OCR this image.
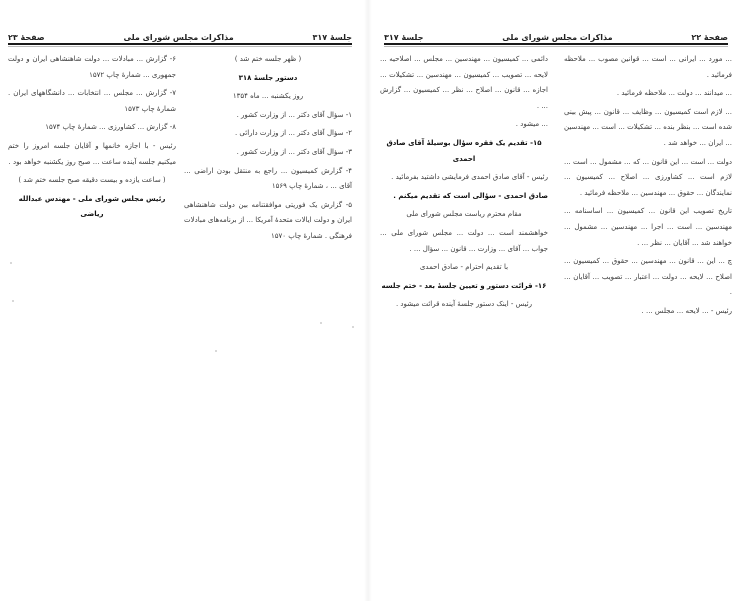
جلسهٔ ۳۱۷
مذاکرات مجلس شورای ملی
صفحهٔ ۲۳

( ظهر جلسه ختم شد )

دستور جلسهٔ ۳۱۸

روز یکشنبه ... ماه ۱۳۵۴

۱- سؤال آقای دکتر ... از وزارت کشور .

۲- سؤال آقای دکتر ... از وزارت دارائی .

۳- سؤال آقای دکتر ... از وزارت کشور .

۴- گزارش کمیسیون ... راجع به منتقل بودن اراضی ... آقای ... ، شمارهٔ چاپ ۱۵۶۹

۵- گزارش یک فوریتی موافقتنامه بین دولت شاهنشاهی ایران و دولت ایالات متحدهٔ آمریکا ... از برنامه‌های مبادلات فرهنگی . شمارهٔ چاپ ۱۵۷۰

۶- گزارش ... مبادلات ... دولت شاهنشاهی ایران و دولت جمهوری ... شمارهٔ چاپ ۱۵۷۲

۷- گزارش ... مجلس ... انتخابات ... دانشگاههای ایران . شمارهٔ چاپ ۱۵۷۳

۸- گزارش ... کشاورزی ... شمارهٔ چاپ ۱۵۷۴

رئیس - با اجازه خانمها و آقایان جلسه امروز را ختم میکنیم جلسه آینده ساعت ... صبح روز یکشنبه خواهد بود .

( ساعت یازده و بیست دقیقه صبح جلسه ختم شد )

رئیس مجلس شورای ملی - مهندس عبدالله ریاضی

صفحهٔ ۲۲
مذاکرات مجلس شورای ملی
جلسهٔ ۳۱۷

... مورد ... ایرانی ... است ... قوانین مصوب ... ملاحظه فرمائید .

... میدانند ... دولت ... ملاحظه فرمائید .

... لازم است کمیسیون ... وظایف ... قانون ... پیش بینی شده است ... بنظر بنده ... تشکیلات ... است ... مهندسین ... ایران ... خواهد شد .

دولت ... است ... این قانون ... که ... مشمول ... است ... لازم است ... کشاورزی ... اصلاح ... کمیسیون ... نمایندگان ... حقوق ... مهندسین ... ملاحظه فرمائید .

تاریخ تصویب این قانون ... کمیسیون ... اساسنامه ... مهندسین ... است ... اجرا ... مهندسین ... مشمول ... خواهند شد ... آقایان ... نظر ... .

چ ... این ... قانون ... مهندسین ... حقوق ... کمیسیون ... اصلاح ... لایحه ... دولت ... اعتبار ... تصویب ... آقایان ... .

رئیس - ... لایحه ... مجلس ... .

دائمی ... کمیسیون ... مهندسین ... مجلس ... اصلاحیه ... لایحه ... تصویب ... کمیسیون ... مهندسین ... تشکیلات ... اجازه ... قانون ... اصلاح ... نظر ... کمیسیون ... گزارش ... .

... میشود .

۱۵- تقدیم یک فقره سؤال بوسیلهٔ آقای صادق احمدی

رئیس - آقای صادق احمدی فرمایشی داشتید بفرمائید .

صادق احمدی - سؤالی است که تقدیم میکنم .

مقام محترم ریاست مجلس شورای ملی

خواهشمند است ... دولت ... مجلس شورای ملی ... جواب ... آقای ... وزارت ... قانون ... سؤال ... .

با تقدیم احترام - صادق احمدی

۱۶- قرائت دستور و تعیین جلسهٔ بعد - ختم جلسه

رئیس - اینک دستور جلسهٔ آینده قرائت میشود .
